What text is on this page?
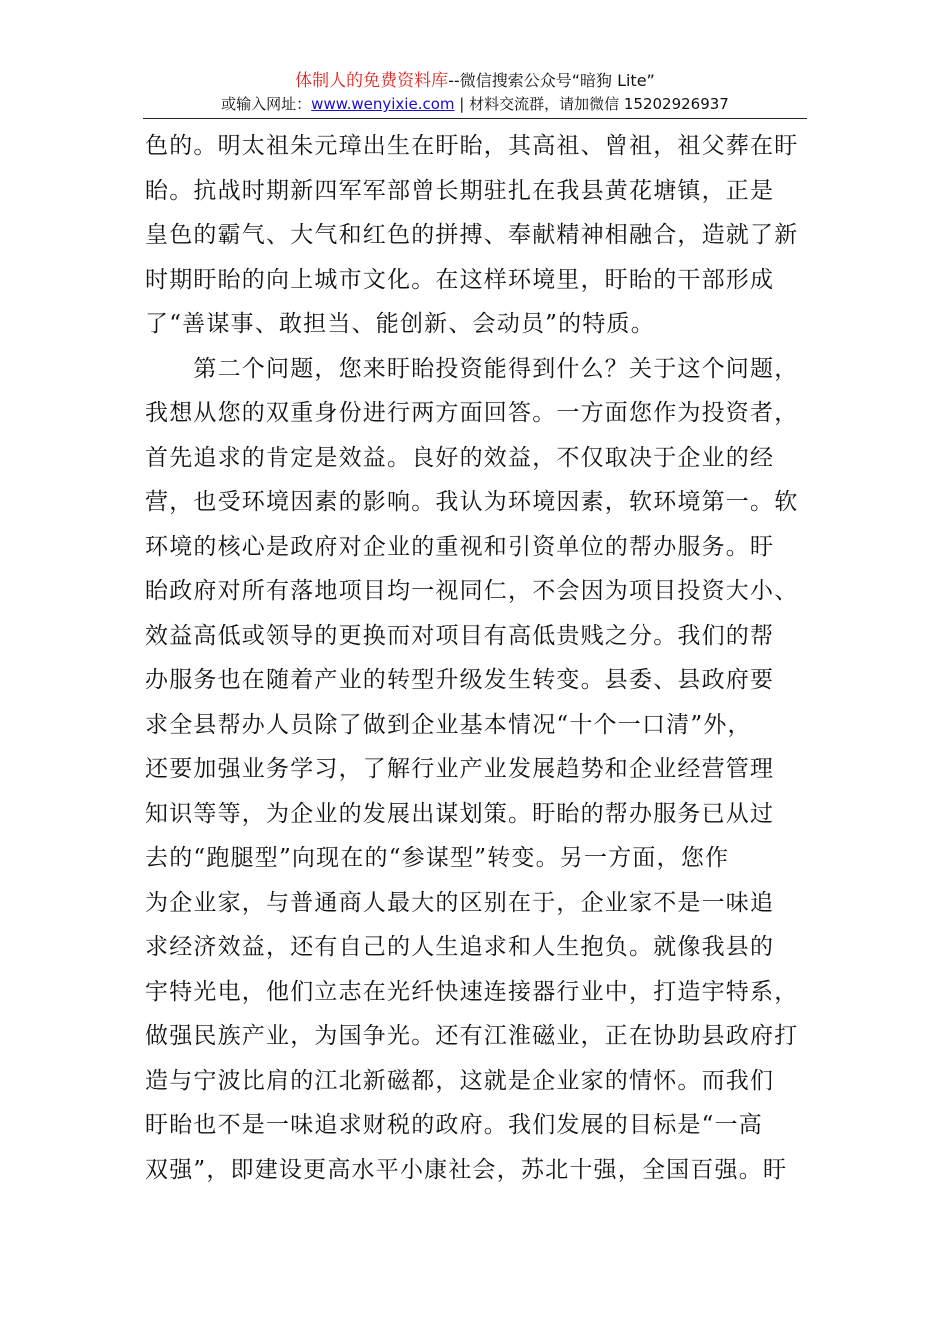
体制人的免费资料库--微信搜索公众号“暗狗 Lite”
或输入网址：www.wenyixie.com | 材料交流群，请加微信 15202926937
色的。明太祖朱元璋出生在盱眙，其高祖、曾祖，祖父葬在盱
眙。抗战时期新四军军部曾长期驻扎在我县黄花塘镇，正是
皇色的霸气、大气和红色的拼搏、奉献精神相融合，造就了新
时期盱眙的向上城市文化。在这样环境里，盱眙的干部形成
了“善谋事、敢担当、能创新、会动员”的特质。
　　第二个问题，您来盱眙投资能得到什么？关于这个问题，
我想从您的双重身份进行两方面回答。一方面您作为投资者，
首先追求的肯定是效益。良好的效益，不仅取决于企业的经
营，也受环境因素的影响。我认为环境因素，软环境第一。软
环境的核心是政府对企业的重视和引资单位的帮办服务。盱
眙政府对所有落地项目均一视同仁，不会因为项目投资大小、
效益高低或领导的更换而对项目有高低贵贱之分。我们的帮
办服务也在随着产业的转型升级发生转变。县委、县政府要
求全县帮办人员除了做到企业基本情况“十个一口清”外，
还要加强业务学习，了解行业产业发展趋势和企业经营管理
知识等等，为企业的发展出谋划策。盱眙的帮办服务已从过
去的“跑腿型”向现在的“参谋型”转变。另一方面，您作
为企业家，与普通商人最大的区别在于，企业家不是一味追
求经济效益，还有自己的人生追求和人生抱负。就像我县的
宇特光电，他们立志在光纤快速连接器行业中，打造宇特系，
做强民族产业，为国争光。还有江淮磁业，正在协助县政府打
造与宁波比肩的江北新磁都，这就是企业家的情怀。而我们
盱眙也不是一味追求财税的政府。我们发展的目标是“一高
双强”，即建设更高水平小康社会，苏北十强，全国百强。盱
